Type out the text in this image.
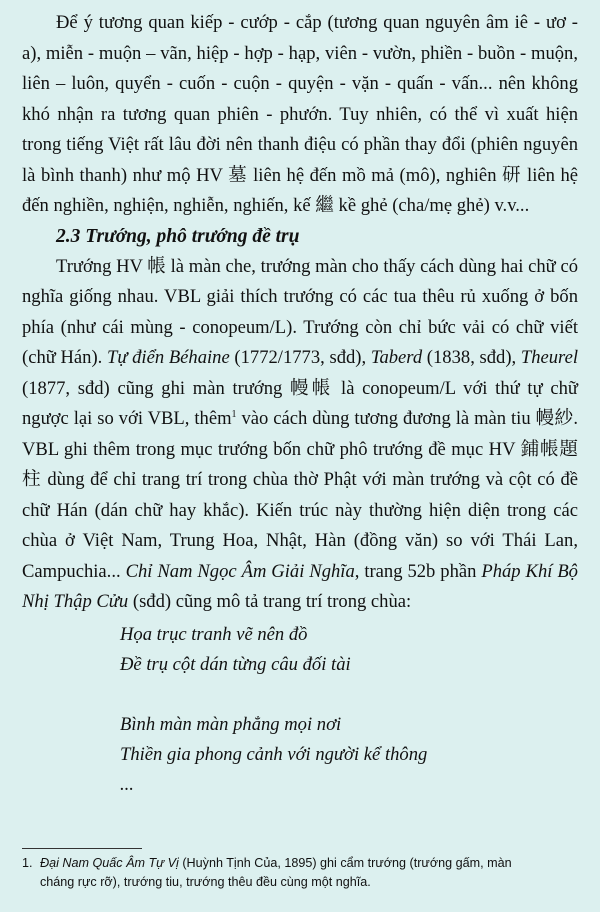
Để ý tương quan kiếp - cướp - cắp (tương quan nguyên âm iê - ươ - a), miễn - muộn – vãn, hiệp - hợp - hạp, viên - vườn, phiền - buồn - muộn, liên – luôn, quyển - cuốn - cuộn - quyện - vặn - quấn - vấn... nên không khó nhận ra tương quan phiên - phướn. Tuy nhiên, có thể vì xuất hiện trong tiếng Việt rất lâu đời nên thanh điệu có phần thay đổi (phiên nguyên là bình thanh) như mộ HV 墓 liên hệ đến mồ mả (mô), nghiên 研 liên hệ đến nghiền, nghiện, nghiễn, nghiến, kế 繼 kề ghẻ (cha/mẹ ghẻ) v.v...

2.3 Trướng, phô trướng đề trụ

Trướng HV 帳 là màn che, trướng màn cho thấy cách dùng hai chữ có nghĩa giống nhau. VBL giải thích trướng có các tua thêu rủ xuống ở bốn phía (như cái mùng - conopeum/L). Trướng còn chỉ bức vải có chữ viết (chữ Hán). Tự điển Béhaine (1772/1773, sđd), Taberd (1838, sđd), Theurel (1877, sđd) cũng ghi màn trướng 幔帳 là conopeum/L với thứ tự chữ ngược lại so với VBL, thêm$^1$ vào cách dùng tương đương là màn tiu 幔紗. VBL ghi thêm trong mục trướng bốn chữ phô trướng đề mục HV 鋪帳題柱 dùng để chỉ trang trí trong chùa thờ Phật với màn trướng và cột có đề chữ Hán (dán chữ hay khắc). Kiến trúc này thường hiện diện trong các chùa ở Việt Nam, Trung Hoa, Nhật, Hàn (đồng văn) so với Thái Lan, Campuchia... Chỉ Nam Ngọc Âm Giải Nghĩa, trang 52b phần Pháp Khí Bộ Nhị Thập Cửu (sđd) cũng mô tả trang trí trong chùa:

Họa trục tranh vẽ nên đồ
Đề trụ cột dán từng câu đối tài
Bình màn màn phẳng mọi nơi
Thiền gia phong cảnh với người kể thông
...
1. Đại Nam Quấc Âm Tự Vị (Huỳnh Tịnh Của, 1895) ghi cẩm trướng (trướng gấm, màn
cháng rực rỡ), trướng tiu, trướng thêu đều cùng một nghĩa.
